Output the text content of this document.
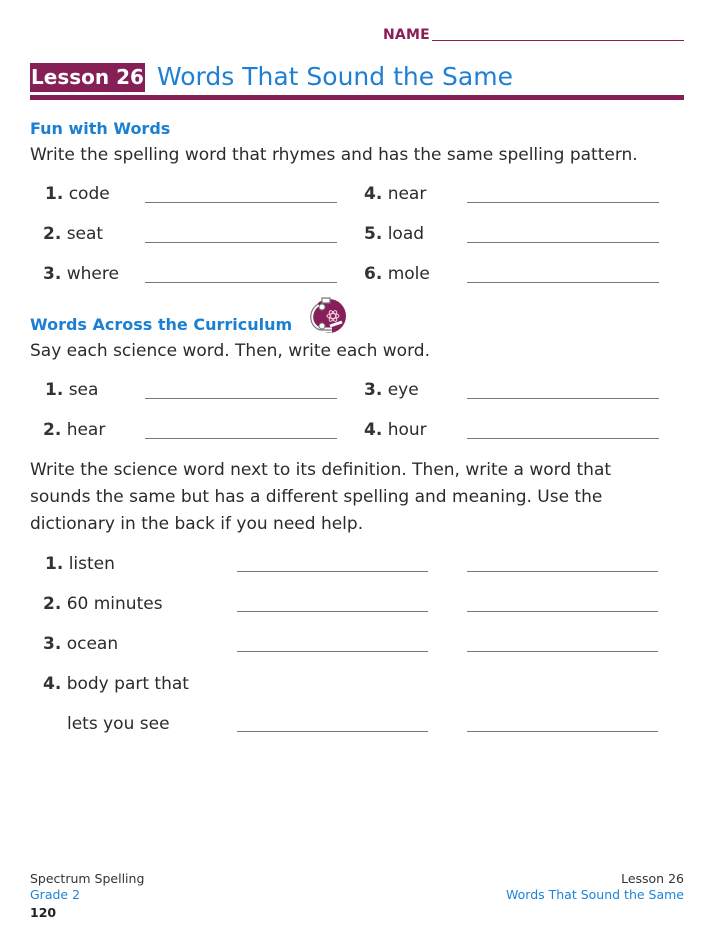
NAME
Lesson 26 Words That Sound the Same
Fun with Words
Write the spelling word that rhymes and has the same spelling pattern.
1. code
2. seat
3. where
4. near
5. load
6. mole
Words Across the Curriculum
Say each science word. Then, write each word.
1. sea
2. hear
3. eye
4. hour
Write the science word next to its definition. Then, write a word that
sounds the same but has a different spelling and meaning. Use the
dictionary in the back if you need help.
1. listen
2. 60 minutes
3. ocean
4. body part that
lets you see
Spectrum Spelling
Grade 2
120
Lesson 26
Words That Sound the Same
